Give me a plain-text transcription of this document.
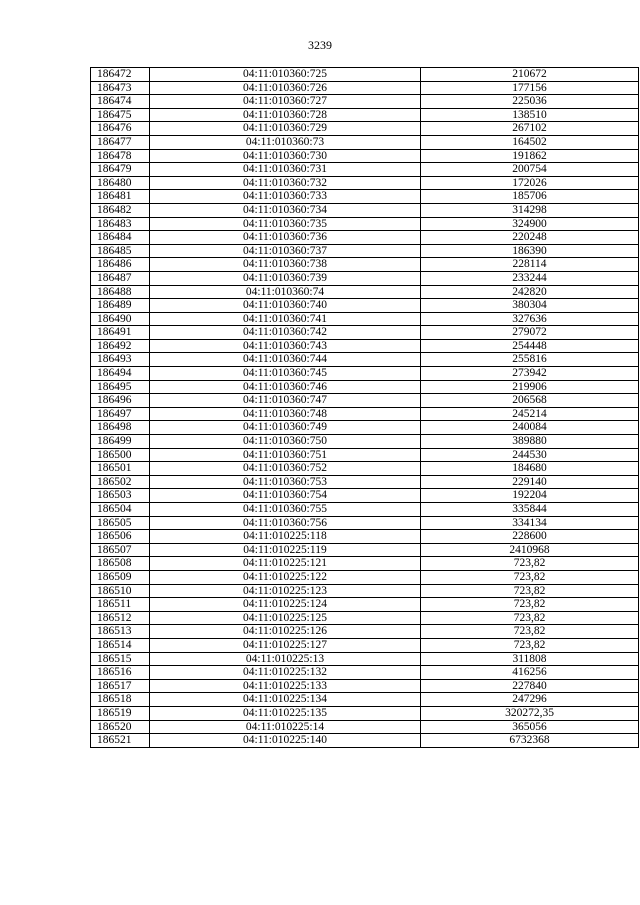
3239
186472	04:11:010360:725	210672
186473	04:11:010360:726	177156
186474	04:11:010360:727	225036
186475	04:11:010360:728	138510
186476	04:11:010360:729	267102
186477	04:11:010360:73	164502
186478	04:11:010360:730	191862
186479	04:11:010360:731	200754
186480	04:11:010360:732	172026
186481	04:11:010360:733	185706
186482	04:11:010360:734	314298
186483	04:11:010360:735	324900
186484	04:11:010360:736	220248
186485	04:11:010360:737	186390
186486	04:11:010360:738	228114
186487	04:11:010360:739	233244
186488	04:11:010360:74	242820
186489	04:11:010360:740	380304
186490	04:11:010360:741	327636
186491	04:11:010360:742	279072
186492	04:11:010360:743	254448
186493	04:11:010360:744	255816
186494	04:11:010360:745	273942
186495	04:11:010360:746	219906
186496	04:11:010360:747	206568
186497	04:11:010360:748	245214
186498	04:11:010360:749	240084
186499	04:11:010360:750	389880
186500	04:11:010360:751	244530
186501	04:11:010360:752	184680
186502	04:11:010360:753	229140
186503	04:11:010360:754	192204
186504	04:11:010360:755	335844
186505	04:11:010360:756	334134
186506	04:11:010225:118	228600
186507	04:11:010225:119	2410968
186508	04:11:010225:121	723,82
186509	04:11:010225:122	723,82
186510	04:11:010225:123	723,82
186511	04:11:010225:124	723,82
186512	04:11:010225:125	723,82
186513	04:11:010225:126	723,82
186514	04:11:010225:127	723,82
186515	04:11:010225:13	311808
186516	04:11:010225:132	416256
186517	04:11:010225:133	227840
186518	04:11:010225:134	247296
186519	04:11:010225:135	320272,35
186520	04:11:010225:14	365056
186521	04:11:010225:140	6732368
